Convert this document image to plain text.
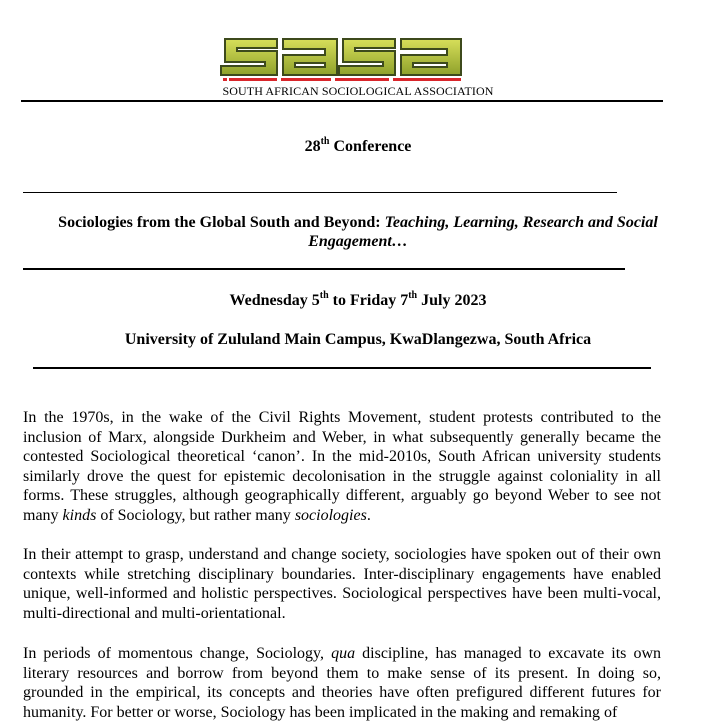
SOUTH AFRICAN SOCIOLOGICAL ASSOCIATION
28th Conference
Sociologies from the Global South and Beyond: Teaching, Learning, Research and Social Engagement…
Wednesday 5th to Friday 7th July 2023
University of Zululand Main Campus, KwaDlangezwa, South Africa

In the 1970s, in the wake of the Civil Rights Movement, student protests contributed to the inclusion of Marx, alongside Durkheim and Weber, in what subsequently generally became the contested Sociological theoretical ‘canon’. In the mid-2010s, South African university students similarly drove the quest for epistemic decolonisation in the struggle against coloniality in all forms. These struggles, although geographically different, arguably go beyond Weber to see not many kinds of Sociology, but rather many sociologies.

In their attempt to grasp, understand and change society, sociologies have spoken out of their own contexts while stretching disciplinary boundaries. Inter-disciplinary engagements have enabled unique, well-informed and holistic perspectives. Sociological perspectives have been multi-vocal, multi-directional and multi-orientational.

In periods of momentous change, Sociology, qua discipline, has managed to excavate its own literary resources and borrow from beyond them to make sense of its present. In doing so, grounded in the empirical, its concepts and theories have often prefigured different futures for humanity. For better or worse, Sociology has been implicated in the making and remaking of
